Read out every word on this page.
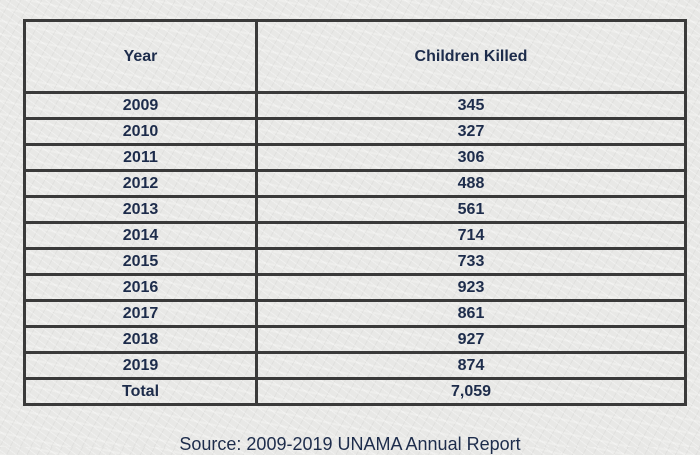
Year	Children Killed
2009	345
2010	327
2011	306
2012	488
2013	561
2014	714
2015	733
2016	923
2017	861
2018	927
2019	874
Total	7,059
Source: 2009-2019 UNAMA Annual Report
